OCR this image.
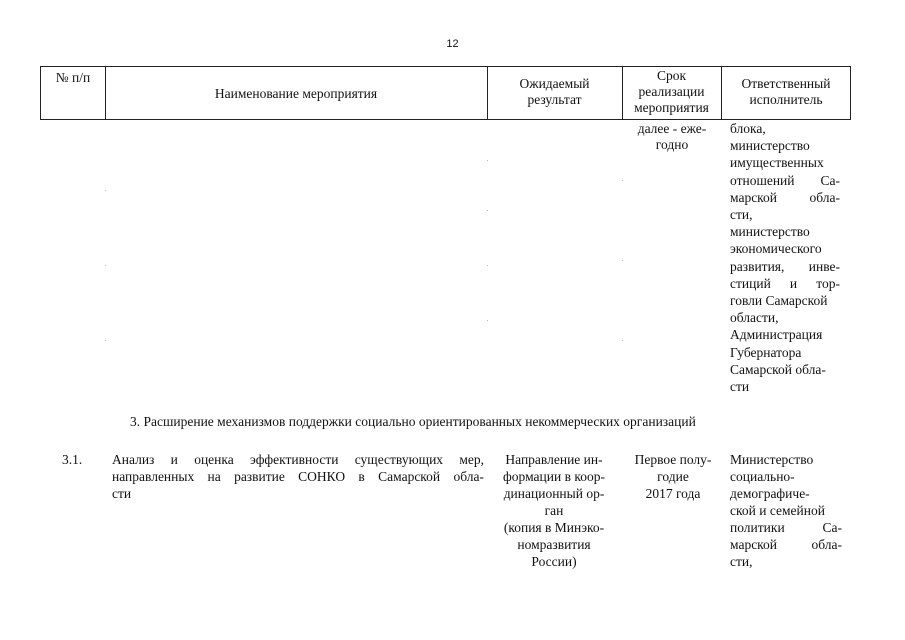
12
№ п/п
Наименование мероприятия
Ожидаемый
результат
Срок
реализации
мероприятия
Ответственный
исполнитель
далее - еже-
годно
блока,
министерство
имущественных
отношений Са-
марской обла-
сти,
министерство
экономического
развития, инве-
стиций и тор-
говли Самарской
области,
Администрация
Губернатора
Самарской обла-
сти
3. Расширение механизмов поддержки социально ориентированных некоммерческих организаций
3.1. Анализ и оценка эффективности существующих мер,
направленных на развитие СОНКО в Самарской обла-
сти
Направление ин-
формации в коор-
динационный ор-
ган
(копия в Минэко-
номразвития
России)
Первое полу-
годие
2017 года
Министерство
социально-
демографиче-
ской и семейной
политики Са-
марской обла-
сти,
